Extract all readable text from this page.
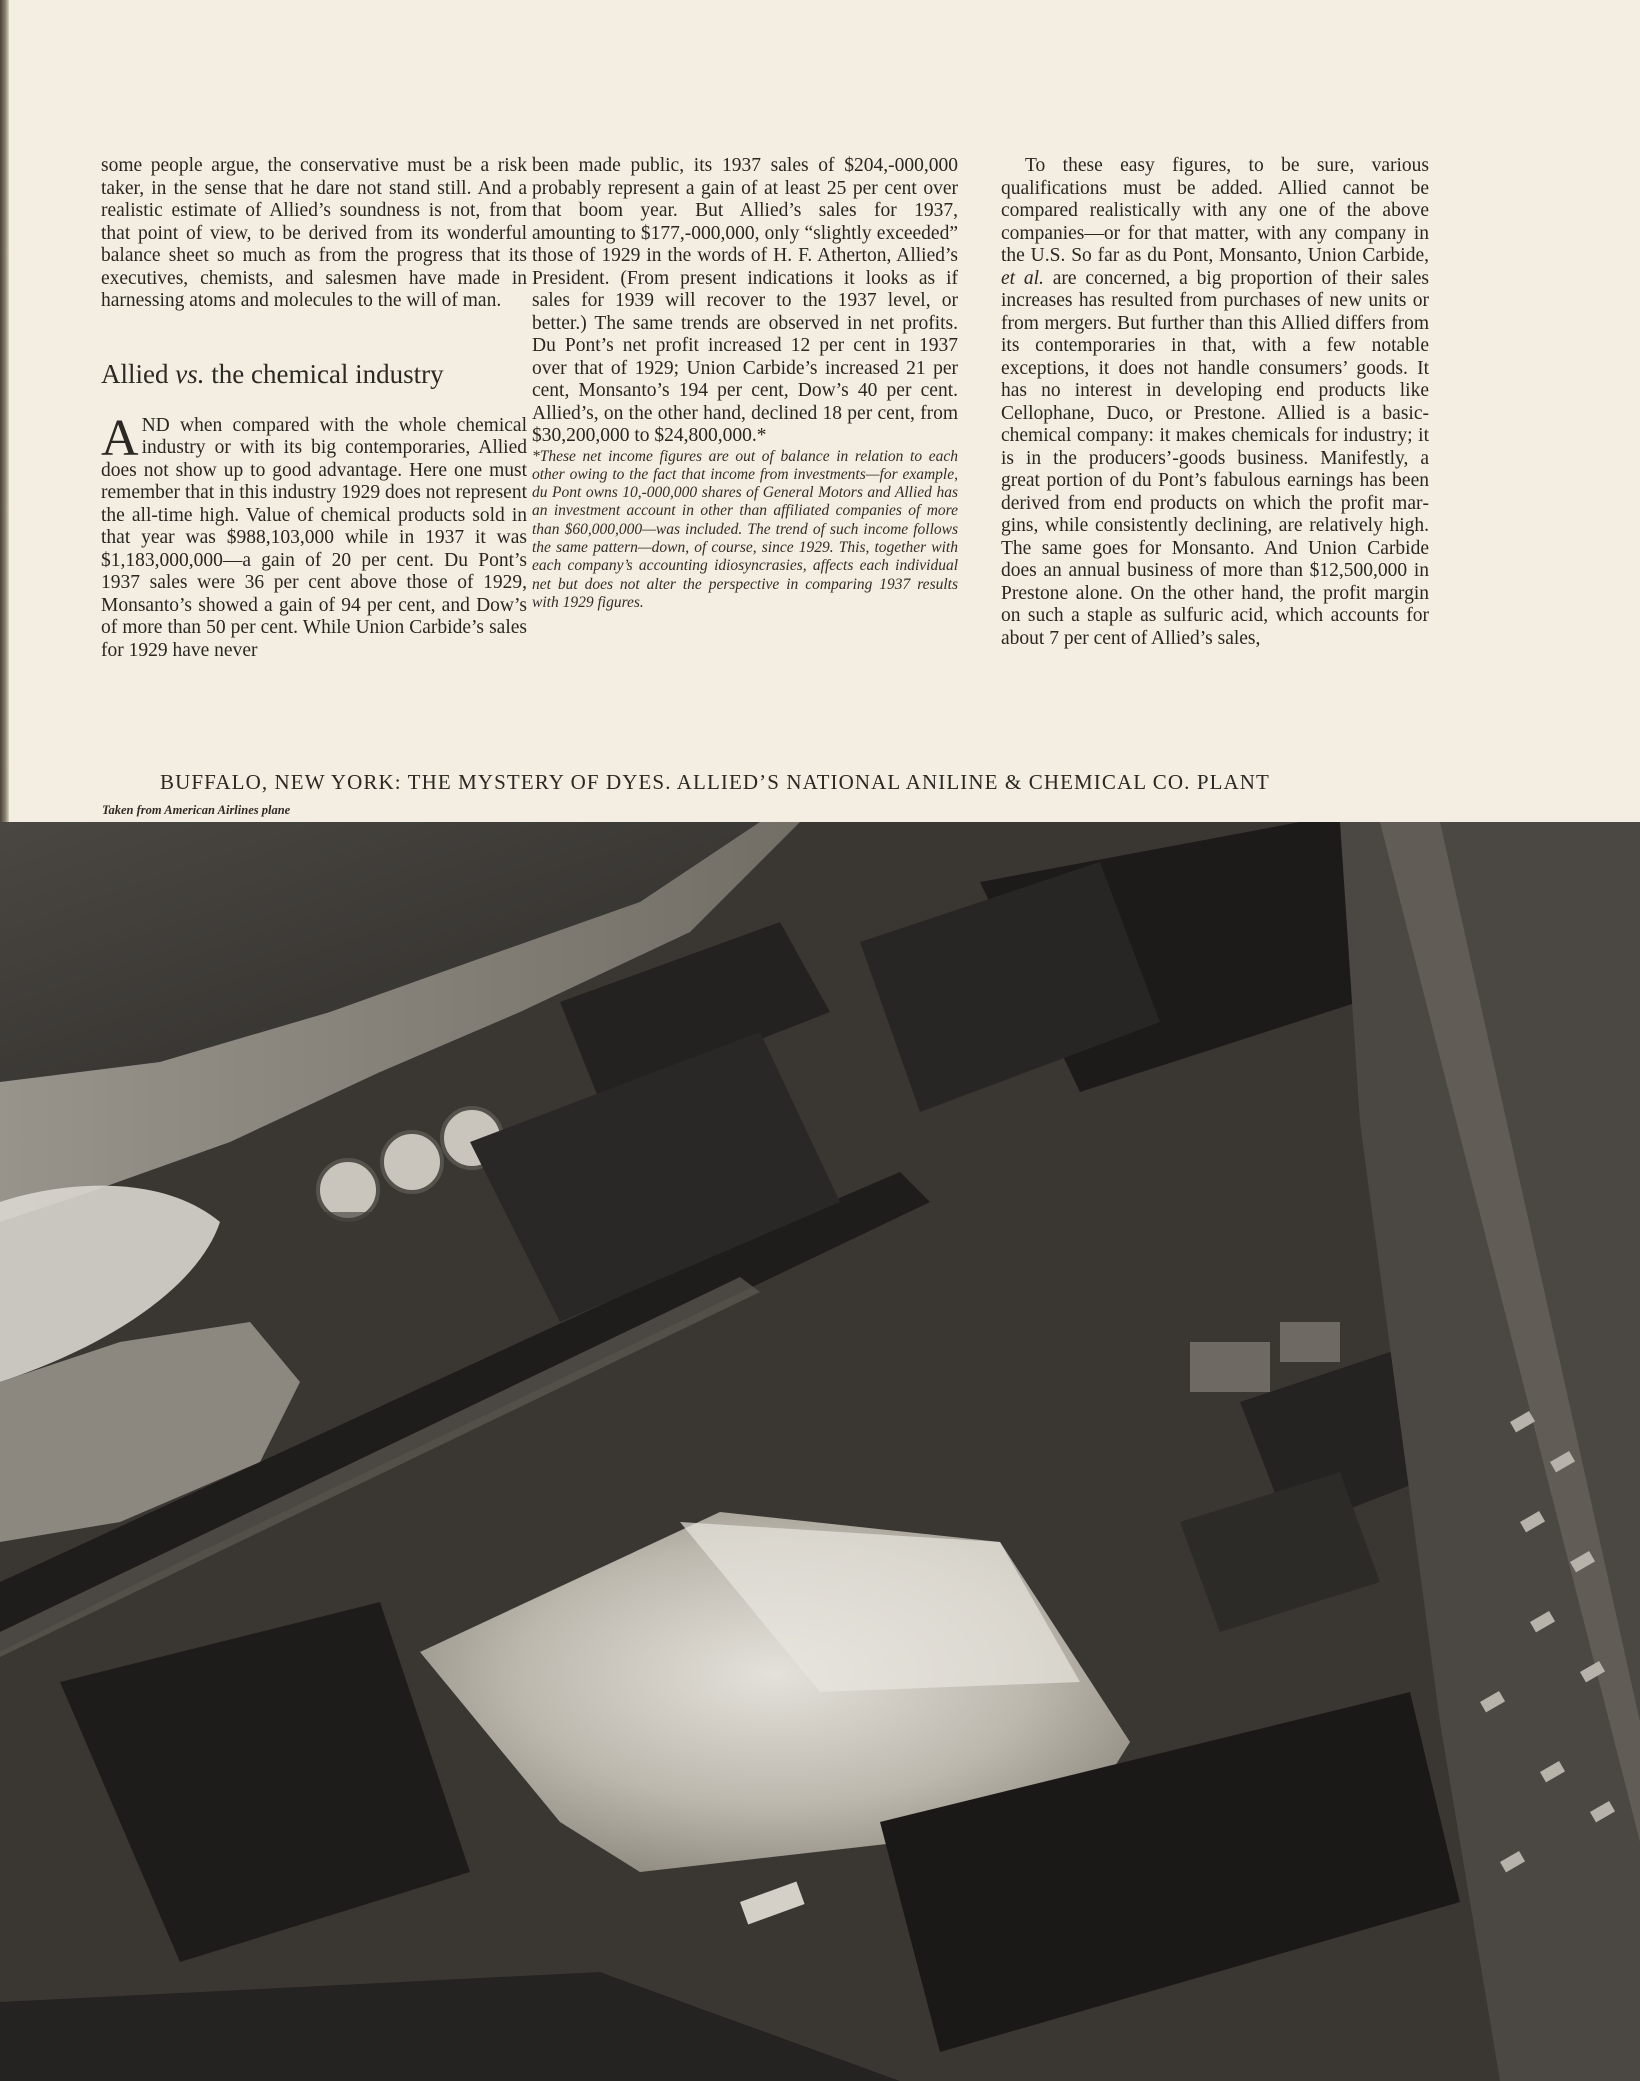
some people argue, the conservative must be a risk taker, in the sense that he dare not stand still. And a realistic estimate of Allied’s soundness is not, from that point of view, to be derived from its wonderful balance sheet so much as from the progress that its executives, chemists, and salesmen have made in harnessing atoms and molecules to the will of man.

Allied vs. the chemical industry

AND when compared with the whole chemical industry or with its big contemporaries, Allied does not show up to good advantage. Here one must remember that in this industry 1929 does not represent the all-time high. Value of chemical products sold in that year was $988,103,000 while in 1937 it was $1,183,000,000—a gain of 20 per cent. Du Pont’s 1937 sales were 36 per cent above those of 1929, Monsanto’s showed a gain of 94 per cent, and Dow’s of more than 50 per cent. While Union Carbide’s sales for 1929 have never

been made public, its 1937 sales of $204,-000,000 probably represent a gain of at least 25 per cent over that boom year. But Allied’s sales for 1937, amounting to $177,-000,000, only “slightly exceeded” those of 1929 in the words of H. F. Atherton, Allied’s President. (From present indications it looks as if sales for 1939 will recover to the 1937 level, or better.) The same trends are observed in net profits. Du Pont’s net profit increased 12 per cent in 1937 over that of 1929; Union Carbide’s increased 21 per cent, Monsanto’s 194 per cent, Dow’s 40 per cent. Allied’s, on the other hand, declined 18 per cent, from $30,200,000 to $24,800,000.*

*These net income figures are out of balance in relation to each other owing to the fact that income from investments—for example, du Pont owns 10,-000,000 shares of General Motors and Allied has an investment account in other than affiliated companies of more than $60,000,000—was included. The trend of such income follows the same pattern—down, of course, since 1929. This, together with each company’s accounting idiosyncrasies, affects each individual net but does not alter the perspective in comparing 1937 results with 1929 figures.

To these easy figures, to be sure, various qualifications must be added. Allied cannot be compared realistically with any one of the above companies—or for that matter, with any company in the U.S. So far as du Pont, Monsanto, Union Carbide, et al. are concerned, a big proportion of their sales increases has resulted from purchases of new units or from mergers. But further than this Allied differs from its contemporaries in that, with a few notable exceptions, it does not handle consumers’ goods. It has no interest in developing end products like Cellophane, Duco, or Prestone. Allied is a basic-chemical company: it makes chemicals for industry; it is in the producers’-goods business. Manifestly, a great portion of du Pont’s fabulous earnings has been derived from end products on which the profit margins, while consistently declining, are relatively high. The same goes for Monsanto. And Union Carbide does an annual business of more than $12,500,000 in Prestone alone. On the other hand, the profit margin on such a staple as sulfuric acid, which accounts for about 7 per cent of Allied’s sales,

BUFFALO, NEW YORK: THE MYSTERY OF DYES. ALLIED’S NATIONAL ANILINE & CHEMICAL CO. PLANT
Taken from American Airlines plane
